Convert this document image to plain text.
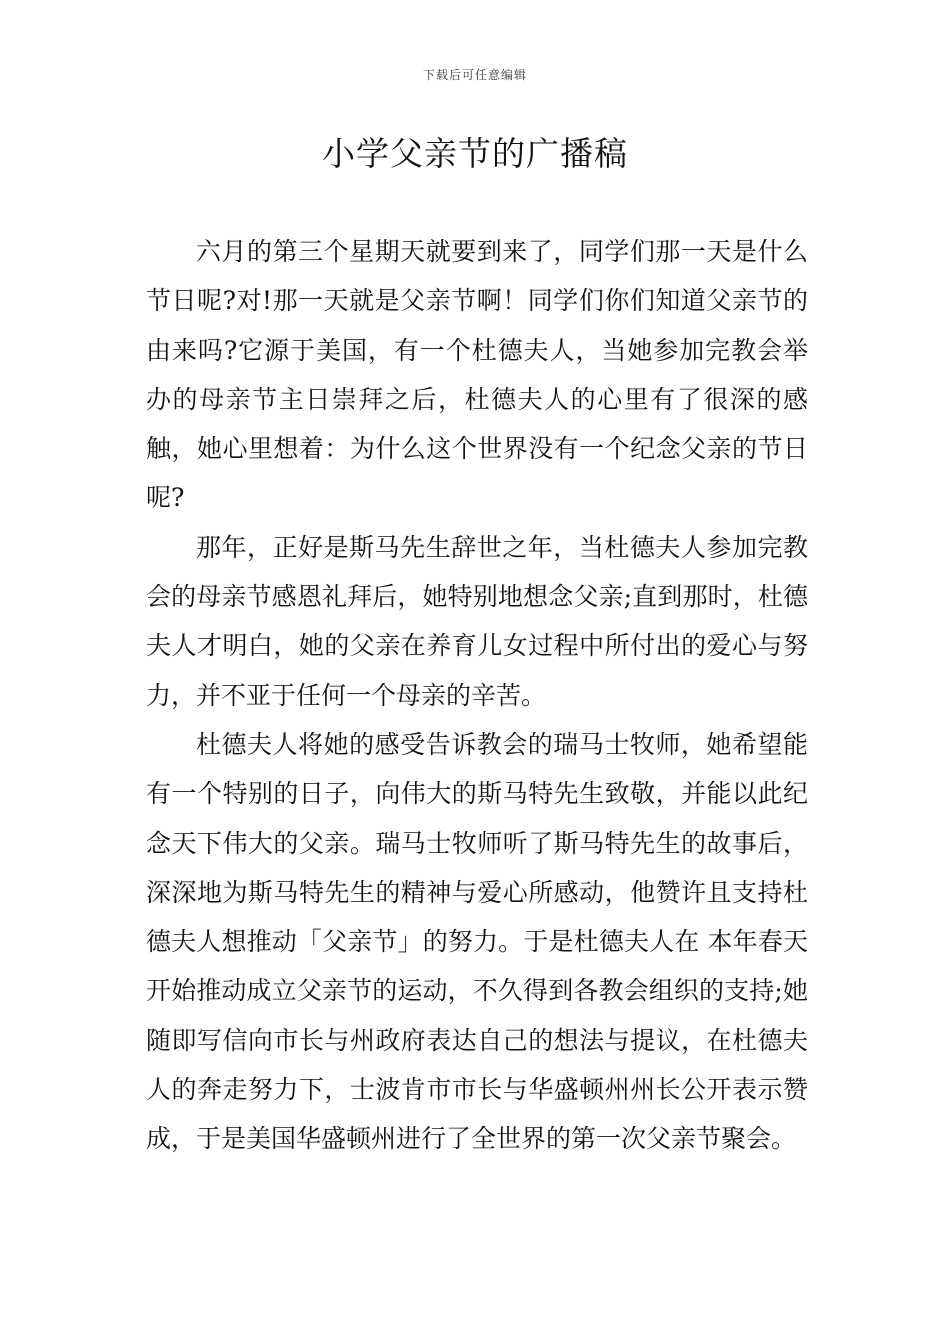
下载后可任意编辑
小学父亲节的广播稿

六月的第三个星期天就要到来了，同学们那一天是什么节日呢?对!那一天就是父亲节啊！同学们你们知道父亲节的由来吗?它源于美国，有一个杜德夫人，当她参加完教会举办的母亲节主日崇拜之后，杜德夫人的心里有了很深的感触，她心里想着：为什么这个世界没有一个纪念父亲的节日呢?

那年，正好是斯马先生辞世之年，当杜德夫人参加完教会的母亲节感恩礼拜后，她特别地想念父亲;直到那时，杜德夫人才明白，她的父亲在养育儿女过程中所付出的爱心与努力，并不亚于任何一个母亲的辛苦。

杜德夫人将她的感受告诉教会的瑞马士牧师，她希望能有一个特别的日子，向伟大的斯马特先生致敬，并能以此纪念天下伟大的父亲。瑞马士牧师听了斯马特先生的故事后，深深地为斯马特先生的精神与爱心所感动，他赞许且支持杜德夫人想推动「父亲节」的努力。于是杜德夫人在 本年春天开始推动成立父亲节的运动，不久得到各教会组织的支持;她随即写信向市长与州政府表达自己的想法与提议，在杜德夫人的奔走努力下，士波肯市市长与华盛顿州州长公开表示赞成，于是美国华盛顿州进行了全世界的第一次父亲节聚会。
